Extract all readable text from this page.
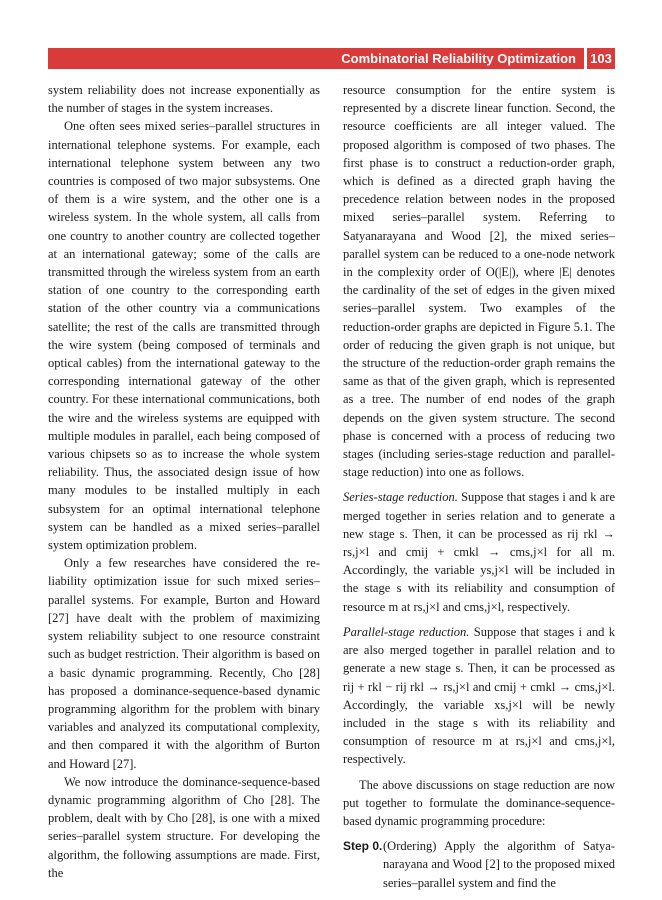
Combinatorial Reliability Optimization 103

system reliability does not increase exponentially as the number of stages in the system increases.

One often sees mixed series–parallel structures in international telephone systems. For example, each international telephone system between any two countries is composed of two major subsystems. One of them is a wire system, and the other one is a wireless system. In the whole system, all calls from one country to another country are collected together at an international gateway; some of the calls are transmitted through the wireless system from an earth station of one country to the corresponding earth station of the other country via a communications satellite; the rest of the calls are transmitted through the wire system (being composed of terminals and optical cables) from the international gateway to the corresponding international gateway of the other country. For these international communications, both the wire and the wireless systems are equipped with multiple modules in parallel, each being composed of various chipsets so as to increase the whole system reliability. Thus, the associated design issue of how many modules to be installed multiply in each subsystem for an optimal international telephone system can be handled as a mixed series–parallel system optimization problem.

Only a few researches have considered the reliability optimization issue for such mixed series–parallel systems. For example, Burton and Howard [27] have dealt with the problem of maximizing system reliability subject to one resource constraint such as budget restriction. Their algorithm is based on a basic dynamic programming. Recently, Cho [28] has proposed a dominance-sequence-based dynamic programming algorithm for the problem with binary variables and analyzed its computational complexity, and then compared it with the algorithm of Burton and Howard [27].

We now introduce the dominance-sequence-based dynamic programming algorithm of Cho [28]. The problem, dealt with by Cho [28], is one with a mixed series–parallel system structure. For developing the algorithm, the following assumptions are made. First, the

resource consumption for the entire system is represented by a discrete linear function. Second, the resource coefficients are all integer valued. The proposed algorithm is composed of two phases. The first phase is to construct a reduction-order graph, which is defined as a directed graph having the precedence relation between nodes in the proposed mixed series–parallel system. Referring to Satyanarayana and Wood [2], the mixed series–parallel system can be reduced to a one-node network in the complexity order of O(|E|), where |E| denotes the cardinality of the set of edges in the given mixed series–parallel system. Two examples of the reduction-order graphs are depicted in Figure 5.1. The order of reducing the given graph is not unique, but the structure of the reduction-order graph remains the same as that of the given graph, which is represented as a tree. The number of end nodes of the graph depends on the given system structure. The second phase is concerned with a process of reducing two stages (including series-stage reduction and parallel-stage reduction) into one as follows.

Series-stage reduction. Suppose that stages i and k are merged together in series relation and to generate a new stage s. Then, it can be processed as rij rkl → rs,j×l and cmij + cmkl → cms,j×l for all m. Accordingly, the variable ys,j×l will be included in the stage s with its reliability and consumption of resource m at rs,j×l and cms,j×l, respectively.

Parallel-stage reduction. Suppose that stages i and k are also merged together in parallel relation and to generate a new stage s. Then, it can be processed as rij + rkl − rij rkl → rs,j×l and cmij + cmkl → cms,j×l. Accordingly, the variable xs,j×l will be newly included in the stage s with its reliability and consumption of resource m at rs,j×l and cms,j×l, respectively.

The above discussions on stage reduction are now put together to formulate the dominance-sequence-based dynamic programming procedure:

Step 0. (Ordering) Apply the algorithm of Satyanarayana and Wood [2] to the proposed mixed series–parallel system and find the
